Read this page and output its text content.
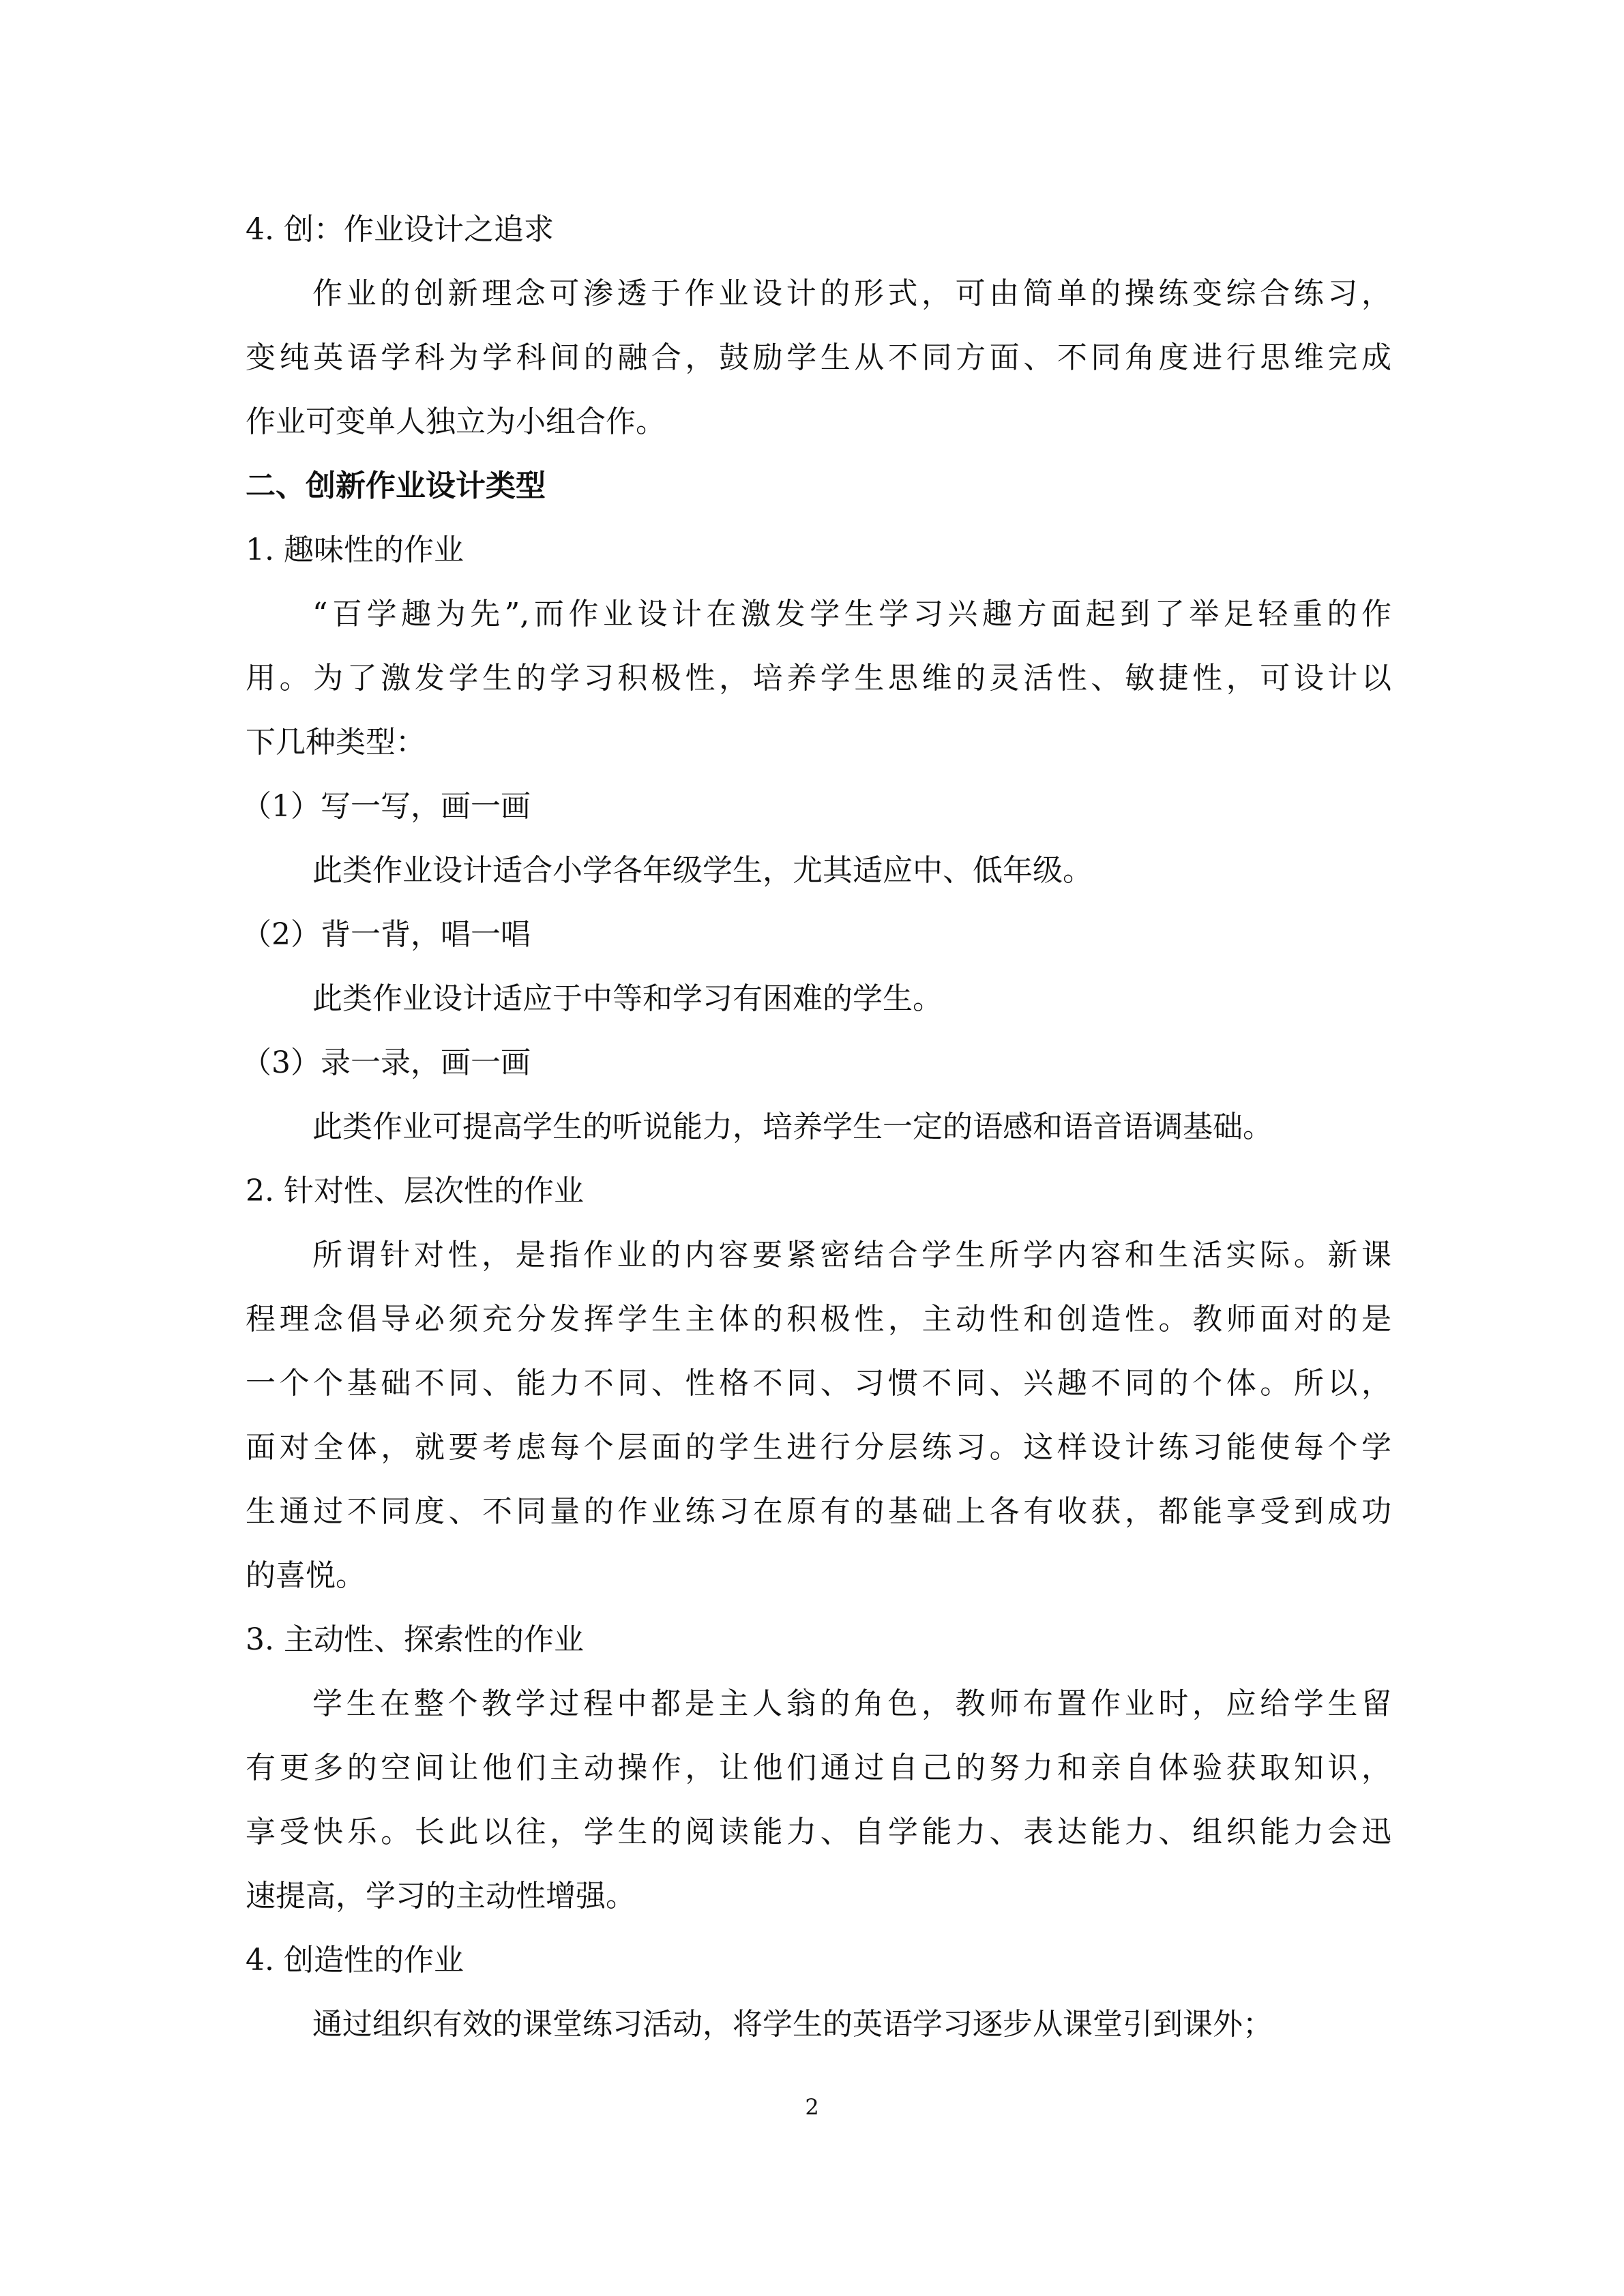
4. 创：作业设计之追求
作业的创新理念可渗透于作业设计的形式，可由简单的操练变综合练习，
变纯英语学科为学科间的融合，鼓励学生从不同方面、不同角度进行思维完成
作业可变单人独立为小组合作。
二、创新作业设计类型
1. 趣味性的作业
“百学趣为先”,而作业设计在激发学生学习兴趣方面起到了举足轻重的作
用。为了激发学生的学习积极性，培养学生思维的灵活性、敏捷性，可设计以
下几种类型：
（1）写一写，画一画
此类作业设计适合小学各年级学生，尤其适应中、低年级。
（2）背一背，唱一唱
此类作业设计适应于中等和学习有困难的学生。
（3）录一录，画一画
此类作业可提高学生的听说能力，培养学生一定的语感和语音语调基础。
2. 针对性、层次性的作业
所谓针对性，是指作业的内容要紧密结合学生所学内容和生活实际。新课
程理念倡导必须充分发挥学生主体的积极性，主动性和创造性。教师面对的是
一个个基础不同、能力不同、性格不同、习惯不同、兴趣不同的个体。所以，
面对全体，就要考虑每个层面的学生进行分层练习。这样设计练习能使每个学
生通过不同度、不同量的作业练习在原有的基础上各有收获，都能享受到成功
的喜悦。
3. 主动性、探索性的作业
学生在整个教学过程中都是主人翁的角色，教师布置作业时，应给学生留
有更多的空间让他们主动操作，让他们通过自己的努力和亲自体验获取知识，
享受快乐。长此以往，学生的阅读能力、自学能力、表达能力、组织能力会迅
速提高，学习的主动性增强。
4. 创造性的作业
通过组织有效的课堂练习活动，将学生的英语学习逐步从课堂引到课外；
2
